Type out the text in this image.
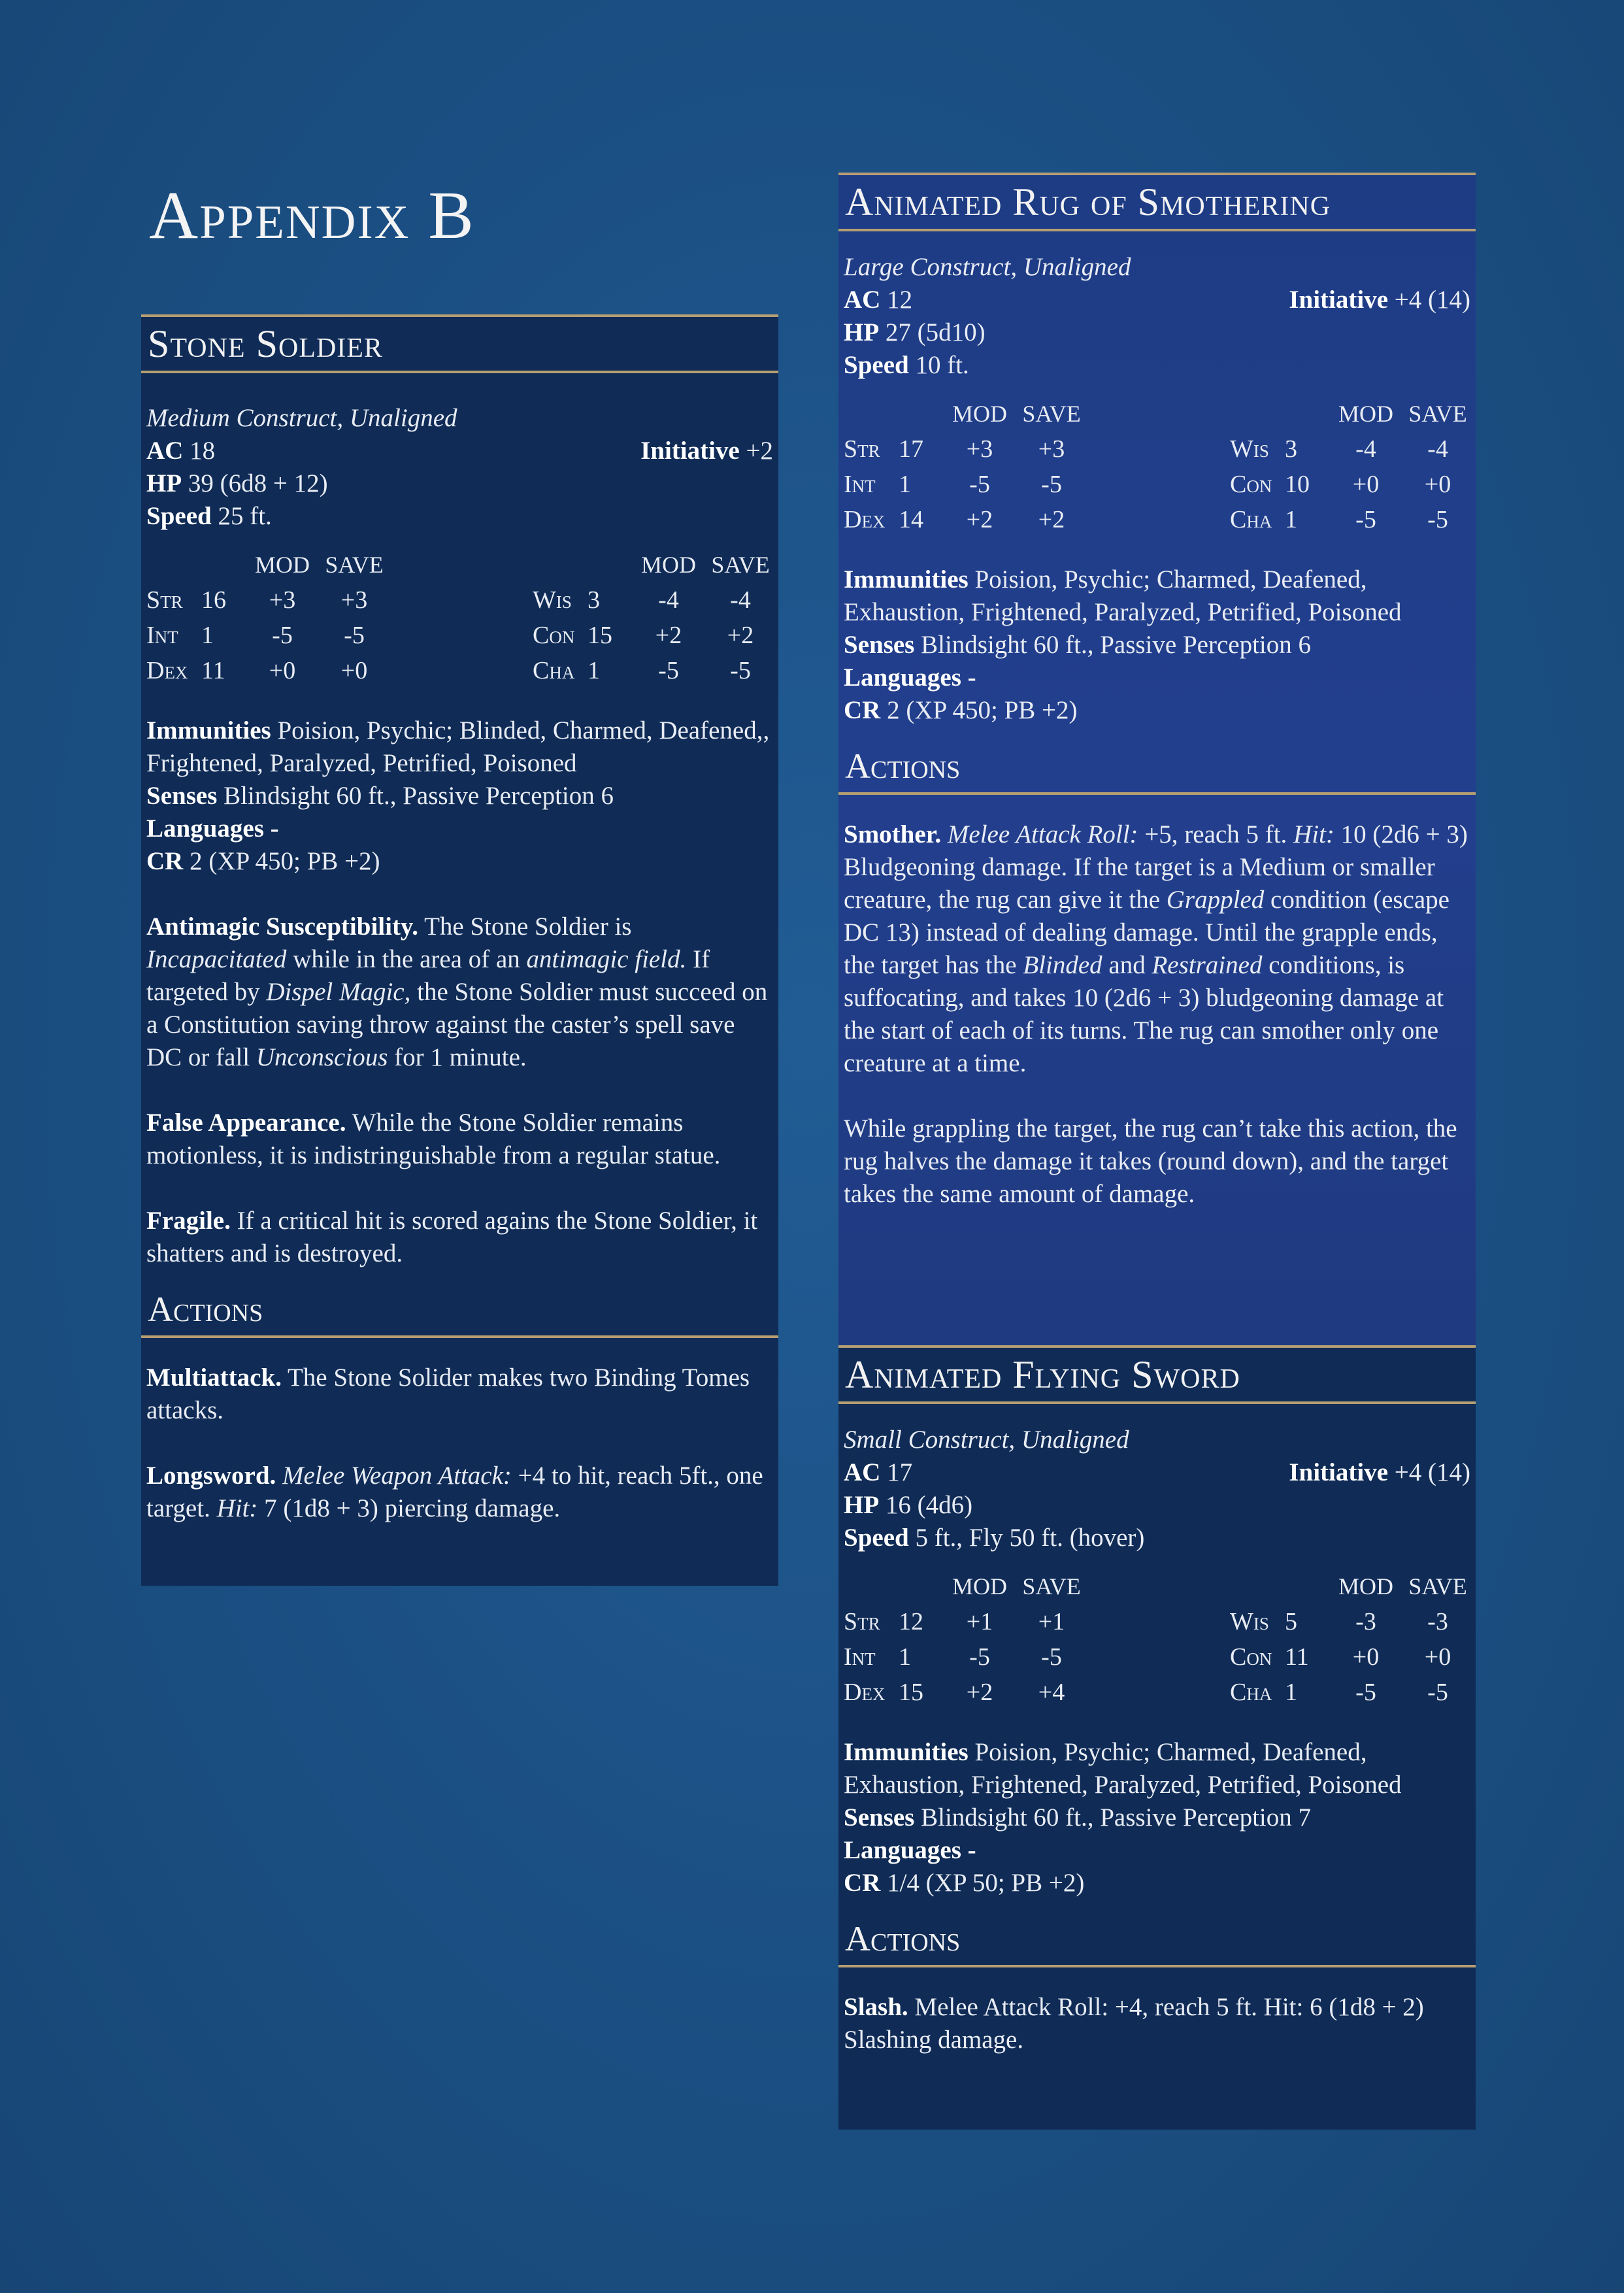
Appendix B
Stone Soldier
Medium Construct, Unaligned
AC 18	Initiative +2
HP 39 (6d8 + 12)
Speed 25 ft.
		MOD	SAVE
Str	16	+3	+3
Int	1	-5	-5
Dex	11	+0	+0
		MOD	SAVE
Wis	3	-4	-4
Con	15	+2	+2
Cha	1	-5	-5
Immunities Poision, Psychic; Blinded, Charmed, Deafened,, Frightened, Paralyzed, Petrified, Poisoned
Senses Blindsight 60 ft., Passive Perception 6
Languages -
CR 2 (XP 450; PB +2)

Antimagic Susceptibility. The Stone Soldier is Incapacitated while in the area of an antimagic field. If targeted by Dispel Magic, the Stone Soldier must succeed on a Constitution saving throw against the caster’s spell save DC or fall Unconscious for 1 minute.

False Appearance. While the Stone Soldier remains motionless, it is indistringuishable from a regular statue.

Fragile. If a critical hit is scored agains the Stone Soldier, it shatters and is destroyed.

Actions

Multiattack. The Stone Solider makes two Binding Tomes attacks.

Longsword. Melee Weapon Attack: +4 to hit, reach 5ft., one target. Hit: 7 (1d8 + 3) piercing damage.

Animated Rug of Smothering
Large Construct, Unaligned
AC 12	Initiative +4 (14)
HP 27 (5d10)
Speed 10 ft.
		MOD	SAVE
Str	17	+3	+3
Int	1	-5	-5
Dex	14	+2	+2
		MOD	SAVE
Wis	3	-4	-4
Con	10	+0	+0
Cha	1	-5	-5
Immunities Poision, Psychic; Charmed, Deafened, Exhaustion, Frightened, Paralyzed, Petrified, Poisoned
Senses Blindsight 60 ft., Passive Perception 6
Languages -
CR 2 (XP 450; PB +2)
Actions

Smother. Melee Attack Roll: +5, reach 5 ft. Hit: 10 (2d6 + 3) Bludgeoning damage. If the target is a Medium or smaller creature, the rug can give it the Grappled condition (escape DC 13) instead of dealing damage. Until the grapple ends, the target has the Blinded and Restrained conditions, is suffocating, and takes 10 (2d6 + 3) bludgeoning damage at the start of each of its turns. The rug can smother only one creature at a time.

While grappling the target, the rug can’t take this action, the rug halves the damage it takes (round down), and the target takes the same amount of damage.

Animated Flying Sword
Small Construct, Unaligned
AC 17	Initiative +4 (14)
HP 16 (4d6)
Speed 5 ft., Fly 50 ft. (hover)
		MOD	SAVE
Str	12	+1	+1
Int	1	-5	-5
Dex	15	+2	+4
		MOD	SAVE
Wis	5	-3	-3
Con	11	+0	+0
Cha	1	-5	-5
Immunities Poision, Psychic; Charmed, Deafened, Exhaustion, Frightened, Paralyzed, Petrified, Poisoned
Senses Blindsight 60 ft., Passive Perception 7
Languages -
CR 1/4 (XP 50; PB +2)
Actions

Slash. Melee Attack Roll: +4, reach 5 ft. Hit: 6 (1d8 + 2) Slashing damage.
